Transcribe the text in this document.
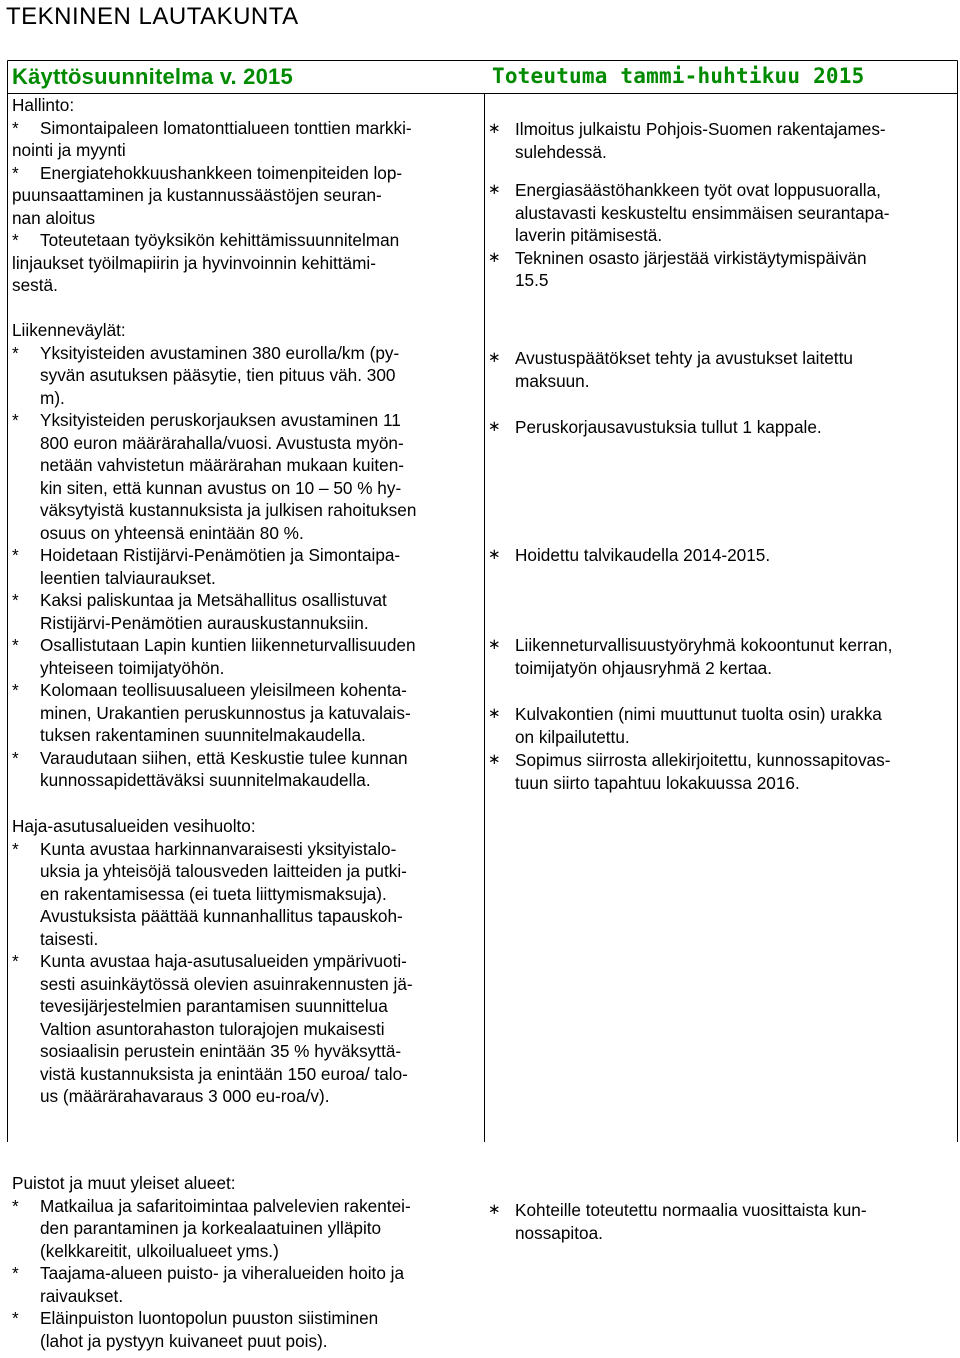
TEKNINEN LAUTAKUNTA
Käyttösuunnitelma v. 2015	Toteutuma tammi-huhtikuu 2015
Hallinto:
* Simontaipaleen lomatonttialueen tonttien markki-
nointi ja myynti
* Energiatehokkuushankkeen toimenpiteiden lop-
puunsaattaminen ja kustannussäästöjen seuran-
nan aloitus
* Toteutetaan työyksikön kehittämissuunnitelman
linjaukset työilmapiirin ja hyvinvoinnin kehittämi-
sestä.
∗ Ilmoitus julkaistu Pohjois-Suomen rakentajames-
sulehdessä.
∗ Energiasäästöhankkeen työt ovat loppusuoralla,
alustavasti keskusteltu ensimmäisen seurantapa-
laverin pitämisestä.
∗ Tekninen osasto järjestää virkistäytymispäivän
15.5
Liikenneväylät:
* Yksityisteiden avustaminen 380 eurolla/km (py-
syvän asutuksen pääsytie, tien pituus väh. 300
m).
* Yksityisteiden peruskorjauksen avustaminen 11
800 euron määrärahalla/vuosi. Avustusta myön-
netään vahvistetun määrärahan mukaan kuiten-
kin siten, että kunnan avustus on 10 – 50 % hy-
väksytyistä kustannuksista ja julkisen rahoituksen
osuus on yhteensä enintään 80 %.
* Hoidetaan Ristijärvi-Penämötien ja Simontaipa-
leentien talviauraukset.
* Kaksi paliskuntaa ja Metsähallitus osallistuvat
Ristijärvi-Penämötien aurauskustannuksiin.
* Osallistutaan Lapin kuntien liikenneturvallisuuden
yhteiseen toimijatyöhön.
* Kolomaan teollisuusalueen yleisilmeen kohenta-
minen, Urakantien peruskunnostus ja katuvalais-
tuksen rakentaminen suunnitelmakaudella.
* Varaudutaan siihen, että Keskustie tulee kunnan
kunnossapidettäväksi suunnitelmakaudella.
∗ Avustuspäätökset tehty ja avustukset laitettu
maksuun.
∗ Peruskorjausavustuksia tullut 1 kappale.
∗ Hoidettu talvikaudella 2014-2015.
∗ Liikenneturvallisuustyöryhmä kokoontunut kerran,
toimijatyön ohjausryhmä 2 kertaa.
∗ Kulvakontien (nimi muuttunut tuolta osin) urakka
on kilpailutettu.
∗ Sopimus siirrosta allekirjoitettu, kunnossapitovas-
tuun siirto tapahtuu lokakuussa 2016.
Haja-asutusalueiden vesihuolto:
* Kunta avustaa harkinnanvaraisesti yksityistalo-
uksia ja yhteisöjä talousveden laitteiden ja putki-
en rakentamisessa (ei tueta liittymismaksuja).
Avustuksista päättää kunnanhallitus tapauskoh-
taisesti.
* Kunta avustaa haja-asutusalueiden ympärivuoti-
sesti asuinkäytössä olevien asuinrakennusten jä-
tevesijärjestelmien parantamisen suunnittelua
Valtion asuntorahaston tulorajojen mukaisesti
sosiaalisin perustein enintään 35 % hyväksyttä-
vistä kustannuksista ja enintään 150 euroa/ talo-
us (määrärahavaraus 3 000 eu-roa/v).
Puistot ja muut yleiset alueet:
* Matkailua ja safaritoimintaa palvelevien rakentei-
den parantaminen ja korkealaatuinen ylläpito
(kelkkareitit, ulkoilualueet yms.)
* Taajama-alueen puisto- ja viheralueiden hoito ja
raivaukset.
* Eläinpuiston luontopolun puuston siistiminen
(lahot ja pystyyn kuivaneet puut pois).
∗ Kohteille toteutettu normaalia vuosittaista kun-
nossapitoa.
